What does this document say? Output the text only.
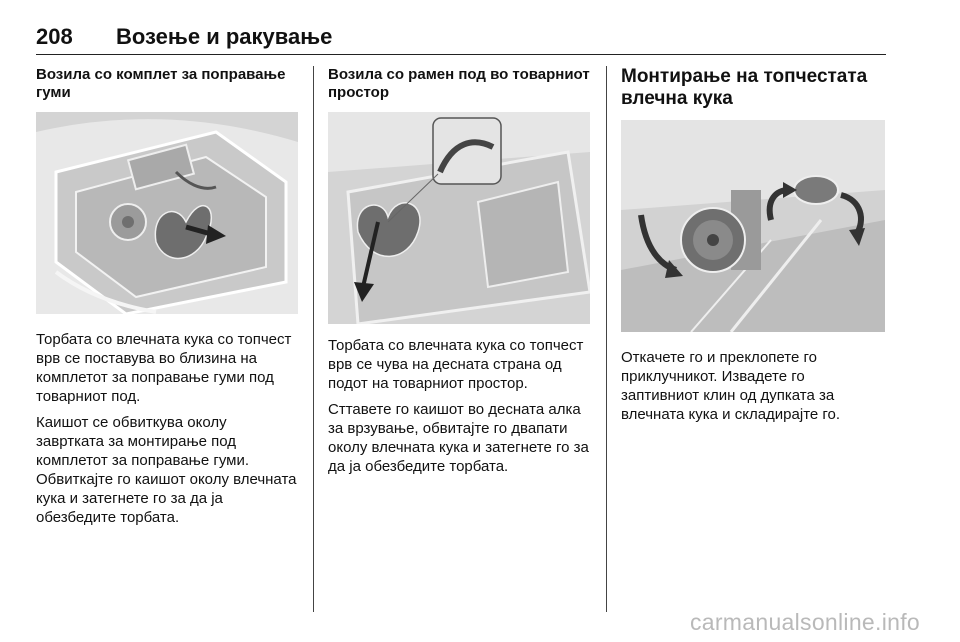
208 Возење и ракување
Возила со комплет за поправање гуми

Торбата со влечната кука со топчест врв се поставува во близина на комплетот за поправање гуми под товарниот под.

Каишот се обвиткува околу завртката за монтирање под комплетот за поправање гуми. Обвиткајте го каишот околу влечната кука и затегнете го за да ја обезбедите торбата.

Возила со рамен под во товарниот простор

Торбата со влечната кука со топчест врв се чува на десната страна од подот на товарниот простор.

Сттавете го каишот во десната алка за врзување, обвитајте го двапати околу влечната кука и затегнете го за да ја обезбедите торбата.

Монтирање на топчестата влечна кука

Откачете го и преклопете го приклучникот. Извадете го заптивниот клин од дупката за влечната кука и складирајте го.

carmanualsonline.info
